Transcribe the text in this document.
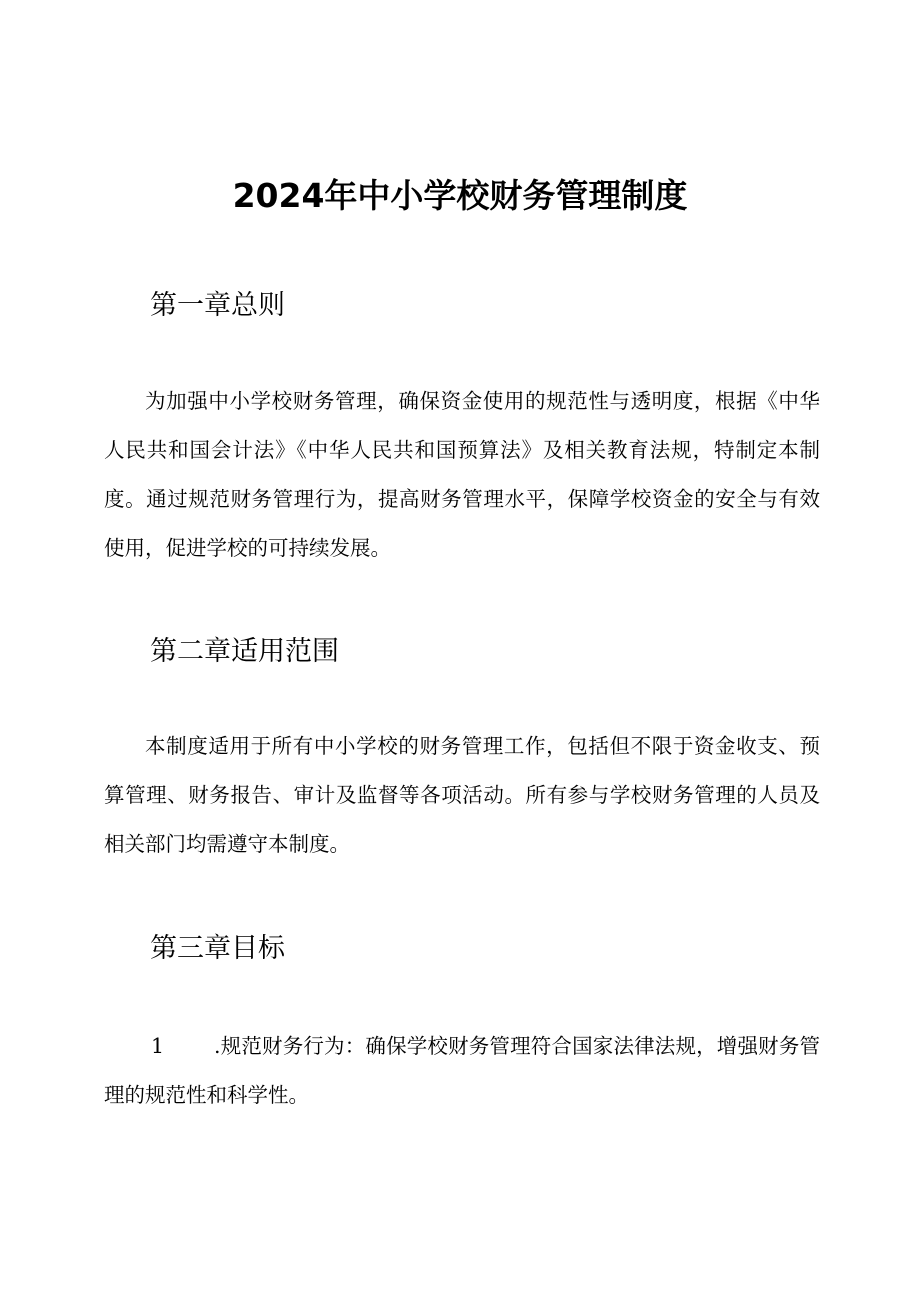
2024年中小学校财务管理制度
第一章总则

为加强中小学校财务管理，确保资金使用的规范性与透明度，根据《中华人民共和国会计法》《中华人民共和国预算法》及相关教育法规，特制定本制度。通过规范财务管理行为，提高财务管理水平，保障学校资金的安全与有效使用，促进学校的可持续发展。

第二章适用范围

本制度适用于所有中小学校的财务管理工作，包括但不限于资金收支、预算管理、财务报告、审计及监督等各项活动。所有参与学校财务管理的人员及相关部门均需遵守本制度。

第三章目标

1 .规范财务行为：确保学校财务管理符合国家法律法规，增强财务管理的规范性和科学性。
